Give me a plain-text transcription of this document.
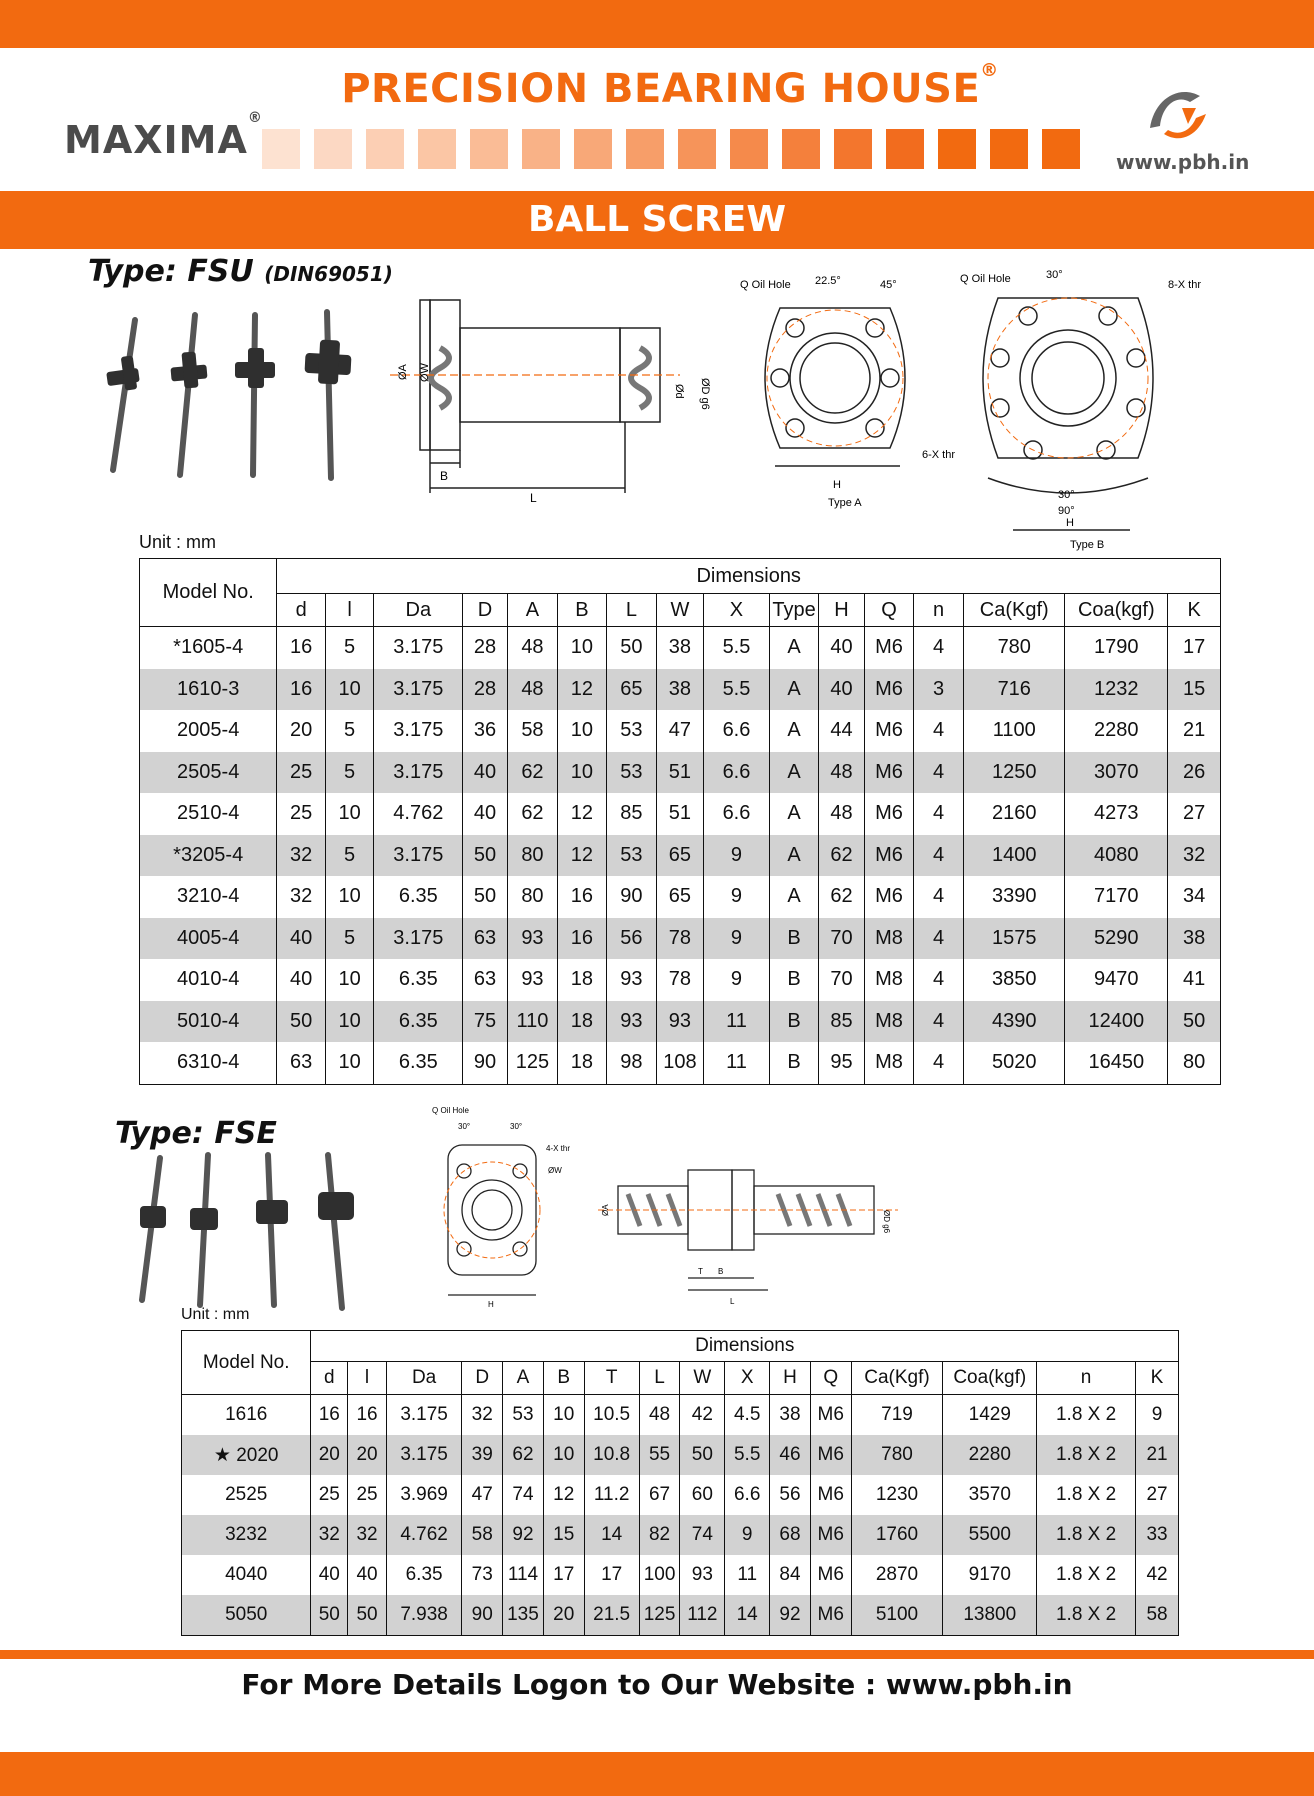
PRECISION BEARING HOUSE®
MAXIMA®
www.pbh.in
BALL SCREW
Type: FSU (DIN69051)
ØA ØW
Ød ØD g6
B
L
Q Oil Hole 22.5°	45°
6-X thr
H
Type A
Q Oil Hole	30°
8-X thr
30°
90°
H
Type B
Unit : mm
Model No.	Dimensions															
	d	l	Da	D	A	B	L	W	X	Type	H	Q	n	Ca(Kgf)	Coa(kgf)	K
*1605-4	16	5	3.175	28	48	10	50	38	5.5	A	40	M6	4	780	1790	17
1610-3	16	10	3.175	28	48	12	65	38	5.5	A	40	M6	3	716	1232	15
2005-4	20	5	3.175	36	58	10	53	47	6.6	A	44	M6	4	1100	2280	21
2505-4	25	5	3.175	40	62	10	53	51	6.6	A	48	M6	4	1250	3070	26
2510-4	25	10	4.762	40	62	12	85	51	6.6	A	48	M6	4	2160	4273	27
*3205-4	32	5	3.175	50	80	12	53	65	9	A	62	M6	4	1400	4080	32
3210-4	32	10	6.35	50	80	16	90	65	9	A	62	M6	4	3390	7170	34
4005-4	40	5	3.175	63	93	16	56	78	9	B	70	M8	4	1575	5290	38
4010-4	40	10	6.35	63	93	18	93	78	9	B	70	M8	4	3850	9470	41
5010-4	50	10	6.35	75	110	18	93	93	11	B	85	M8	4	4390	12400	50
6310-4	63	10	6.35	90	125	18	98	108	11	B	95	M8	4	5020	16450	80
Type: FSE
Q Oil Hole
30°	30°
4-X thr
ØW
H
ØA	ØD g6
T B
L
Unit : mm
Model No.	Dimensions															
	d	l	Da	D	A	B	T	L	W	X	H	Q	Ca(Kgf)	Coa(kgf)	n	K
1616	16	16	3.175	32	53	10	10.5	48	42	4.5	38	M6	719	1429	1.8 X 2	9
★ 2020	20	20	3.175	39	62	10	10.8	55	50	5.5	46	M6	780	2280	1.8 X 2	21
2525	25	25	3.969	47	74	12	11.2	67	60	6.6	56	M6	1230	3570	1.8 X 2	27
3232	32	32	4.762	58	92	15	14	82	74	9	68	M6	1760	5500	1.8 X 2	33
4040	40	40	6.35	73	114	17	17	100	93	11	84	M6	2870	9170	1.8 X 2	42
5050	50	50	7.938	90	135	20	21.5	125	112	14	92	M6	5100	13800	1.8 X 2	58
For More Details Logon to Our Website : www.pbh.in
